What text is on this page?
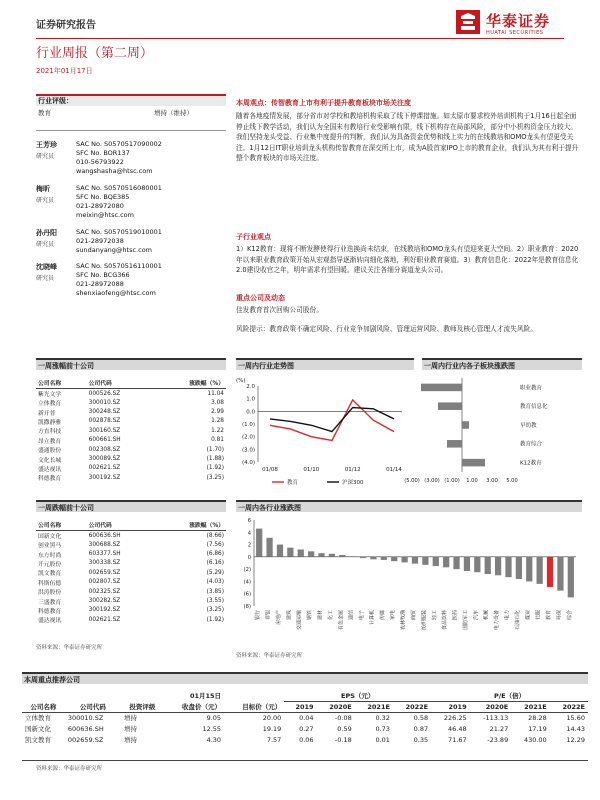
证券研究报告	华泰证券
HUATAI SECURITIES
行业周报（第二周）
2021年01月17日
行业评级：
教育	增持（维持）
王芳珍
研究员
SAC No. S0570517090002
SFC No. BOR137
010-56793922
wangshasha@htsc.com
梅昕
研究员
SAC No. S0570516080001
SFC No. BQE385
021-28972080
meixin@htsc.com
孙丹阳
研究员
SAC No. S0570519010001
021-28972038
sundanyang@htsc.com
沈晓峰
研究员
SAC No. S0570516110001
SFC No. BCG366
021-28972088
shenxiaofeng@htsc.com
本周观点：传智教育上市有利于提升教育板块市场关注度
随着各地疫情发展，部分省市对学校和教培机构采取了线下停课措施。如太原市要求校外培训机构于1月16日起全面停止线下教学活动，我们认为全国未有教培行业受影响有限，线下机构存在局部风险，部分中小机构资金压力较大。我们坚持龙头受益、行业集中度提升的判断，我们认为具备资金优势和线上实力的在线教培和OMO龙头有望更受关注。1月12日IT职业培训龙头机构传智教育在深交所上市，成为A股首家IPO上市的教育企业，我们认为其有利于提升整个教育板块的市场关注度。
子行业观点
1）K12教育：现将不断发酵使得行业迭换尚未结束，在线教培和OMO龙头有望迎来更大空间。2）职业教育：2020年以来职业教育政策开始从宏观指导逐渐转向细化落地，利好职业教育赛道。3）教育信息化：2022年是教育信息化2.0建设收官之年，明年需求有望回暖。建议关注各细分赛道龙头公司。
重点公司及动态
佳发教育首次回购公司股份。
风险提示：教育政策不确定风险、行业竞争加剧风险、管理运营风险、教师及核心管理人才流失风险。
一周涨幅前十公司
公司名称	公司代码	涨跌幅（%）
紫光文学	000526.SZ	11.04
立体教育	300010.SZ	3.08
新开普	300248.SZ	2.99
凯撒静雅	002878.SZ	1.28
方直科技	300160.SZ	1.22
昂立教育	600661.SH	0.81
盛通股份	002308.SZ	(1.70)
文化长城	300089.SZ	(1.88)
盛达视讯	002621.SZ	(1.92)
科德教育	300192.SZ	(3.25)
一周跌幅前十公司
公司名称	公司代码	涨跌幅（%）
国新文化	600636.SH	(8.66)
创业黑马	300688.SZ	(7.56)
东方时尚	603377.SH	(6.86)
开元股份	300338.SZ	(6.16)
凯文教育	002659.SZ	(5.29)
科斯伍德	002807.SZ	(4.03)
洪涛股份	002325.SZ	(3.85)
三盛教育	300282.SZ	(3.55)
科德教育	300192.SZ	(3.25)
盛达视讯	002621.SZ	(1.92)
资料来源：华泰证券研究所
一周内行业走势图
(%)
2.0
1.0
0.0
(1.0)
(2.0)
(3.0)
(4.0)
01/08	01/10	01/12	01/14
教育	沪深300
一周内行业内各子板块涨跌图
职业教育
教育信息化
早幼教
教育综合
K12教育
(5.00) (3.00) (1.00) 1.00 3.00 5.00
一周内各行业涨跌图
6
4
2
0
(2)
(4)
(6)
(8)
银行 非银 房地产 建筑 交通运输 钢铁 建材 化工 有色金属 通信 电子 计算机 传媒 家电 农林牧渔 商贸 纺织服装 轻工 食品饮料 医药 国防军工 汽车 机械 电力设备 电力 石油石化 煤炭 社服 教育 环保 综合
资料来源：华泰证券研究所
本周重点推荐公司
			01月15日		EPS（元）				P/E（倍）			
公司名称	公司代码	投资评级	收盘价（元）	目标价（元）	2019	2020E	2021E	2022E	2019	2020E	2021E	2022E
立体教育	300010.SZ	增持	9.05	20.00	0.04	-0.08	0.32	0.58	226.25	-113.13	28.28	15.60
国新文化	600636.SH	增持	12.55	19.19	0.27	0.59	0.73	0.87	46.48	21.27	17.19	14.43
凯文教育	002659.SZ	增持	4.30	7.57	0.06	-0.18	0.01	0.35	71.67	-23.89	430.00	12.29
资料来源：华泰证券研究所
